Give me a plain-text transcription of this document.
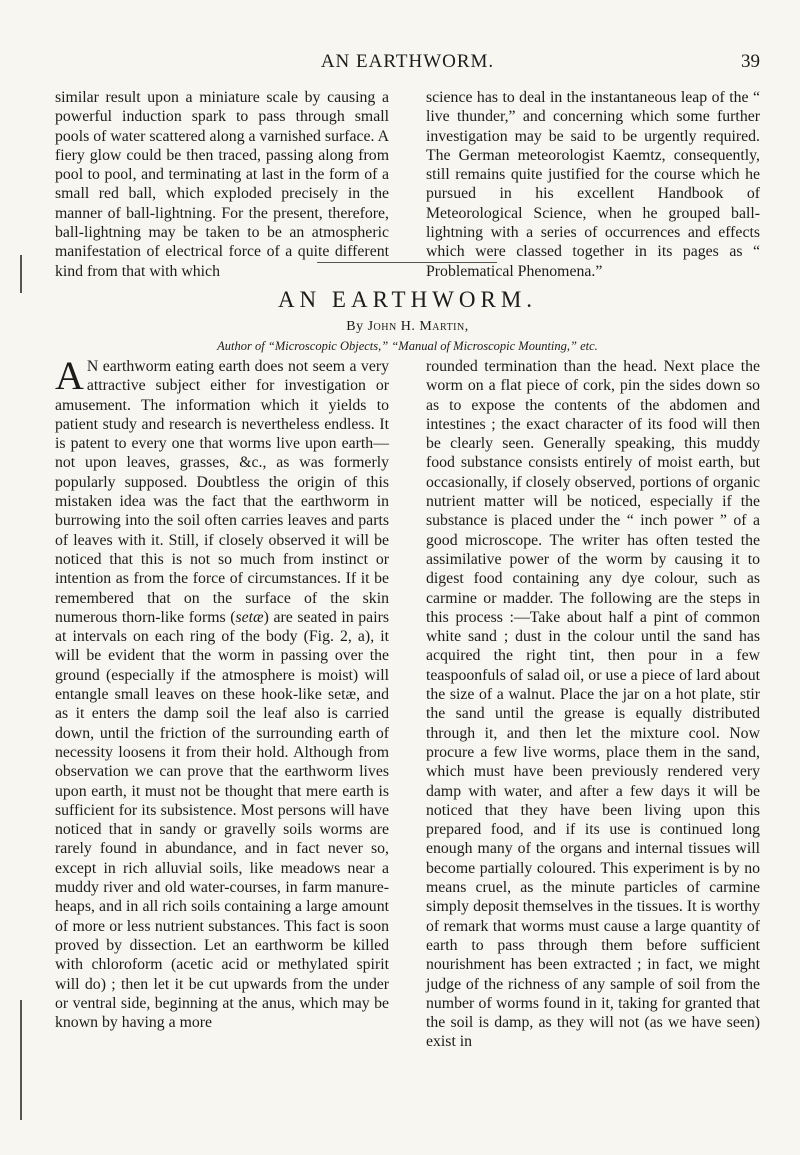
AN EARTHWORM.	39

similar result upon a miniature scale by causing a powerful induction spark to pass through small pools of water scattered along a varnished surface. A fiery glow could be then traced, passing along from pool to pool, and terminating at last in the form of a small red ball, which exploded precisely in the manner of ball-lightning. For the present, therefore, ball-lightning may be taken to be an atmospheric manifestation of electrical force of a quite different kind from that with which

science has to deal in the instantaneous leap of the “ live thunder,” and concerning which some further investigation may be said to be urgently required. The German meteorologist Kaemtz, consequently, still remains quite justified for the course which he pursued in his excellent Handbook of Meteorological Science, when he grouped ball-lightning with a series of occurrences and effects which were classed together in its pages as “ Problematical Phenomena.”

AN EARTHWORM.
By John H. Martin,
Author of “Microscopic Objects,” “Manual of Microscopic Mounting,” etc.

A N earthworm eating earth does not seem a very attractive subject either for investigation or amusement. The information which it yields to patient study and research is nevertheless endless. It is patent to every one that worms live upon earth—not upon leaves, grasses, &c., as was formerly popularly supposed. Doubtless the origin of this mistaken idea was the fact that the earthworm in burrowing into the soil often carries leaves and parts of leaves with it. Still, if closely observed it will be noticed that this is not so much from instinct or intention as from the force of circumstances. If it be remembered that on the surface of the skin numerous thorn-like forms (setæ) are seated in pairs at intervals on each ring of the body (Fig. 2, a), it will be evident that the worm in passing over the ground (especially if the atmosphere is moist) will entangle small leaves on these hook-like setæ, and as it enters the damp soil the leaf also is carried down, until the friction of the surrounding earth of necessity loosens it from their hold. Although from observation we can prove that the earthworm lives upon earth, it must not be thought that mere earth is sufficient for its subsistence. Most persons will have noticed that in sandy or gravelly soils worms are rarely found in abundance, and in fact never so, except in rich alluvial soils, like meadows near a muddy river and old water-courses, in farm manure-heaps, and in all rich soils containing a large amount of more or less nutrient substances. This fact is soon proved by dissection. Let an earthworm be killed with chloroform (acetic acid or methylated spirit will do) ; then let it be cut upwards from the under or ventral side, beginning at the anus, which may be known by having a more

rounded termination than the head. Next place the worm on a flat piece of cork, pin the sides down so as to expose the contents of the abdomen and intestines ; the exact character of its food will then be clearly seen. Generally speaking, this muddy food substance consists entirely of moist earth, but occasionally, if closely observed, portions of organic nutrient matter will be noticed, especially if the substance is placed under the “ inch power ” of a good microscope. The writer has often tested the assimilative power of the worm by causing it to digest food containing any dye colour, such as carmine or madder. The following are the steps in this process :—Take about half a pint of common white sand ; dust in the colour until the sand has acquired the right tint, then pour in a few teaspoonfuls of salad oil, or use a piece of lard about the size of a walnut. Place the jar on a hot plate, stir the sand until the grease is equally distributed through it, and then let the mixture cool. Now procure a few live worms, place them in the sand, which must have been previously rendered very damp with water, and after a few days it will be noticed that they have been living upon this prepared food, and if its use is continued long enough many of the organs and internal tissues will become partially coloured. This experiment is by no means cruel, as the minute particles of carmine simply deposit themselves in the tissues. It is worthy of remark that worms must cause a large quantity of earth to pass through them before sufficient nourishment has been extracted ; in fact, we might judge of the richness of any sample of soil from the number of worms found in it, taking for granted that the soil is damp, as they will not (as we have seen) exist in
